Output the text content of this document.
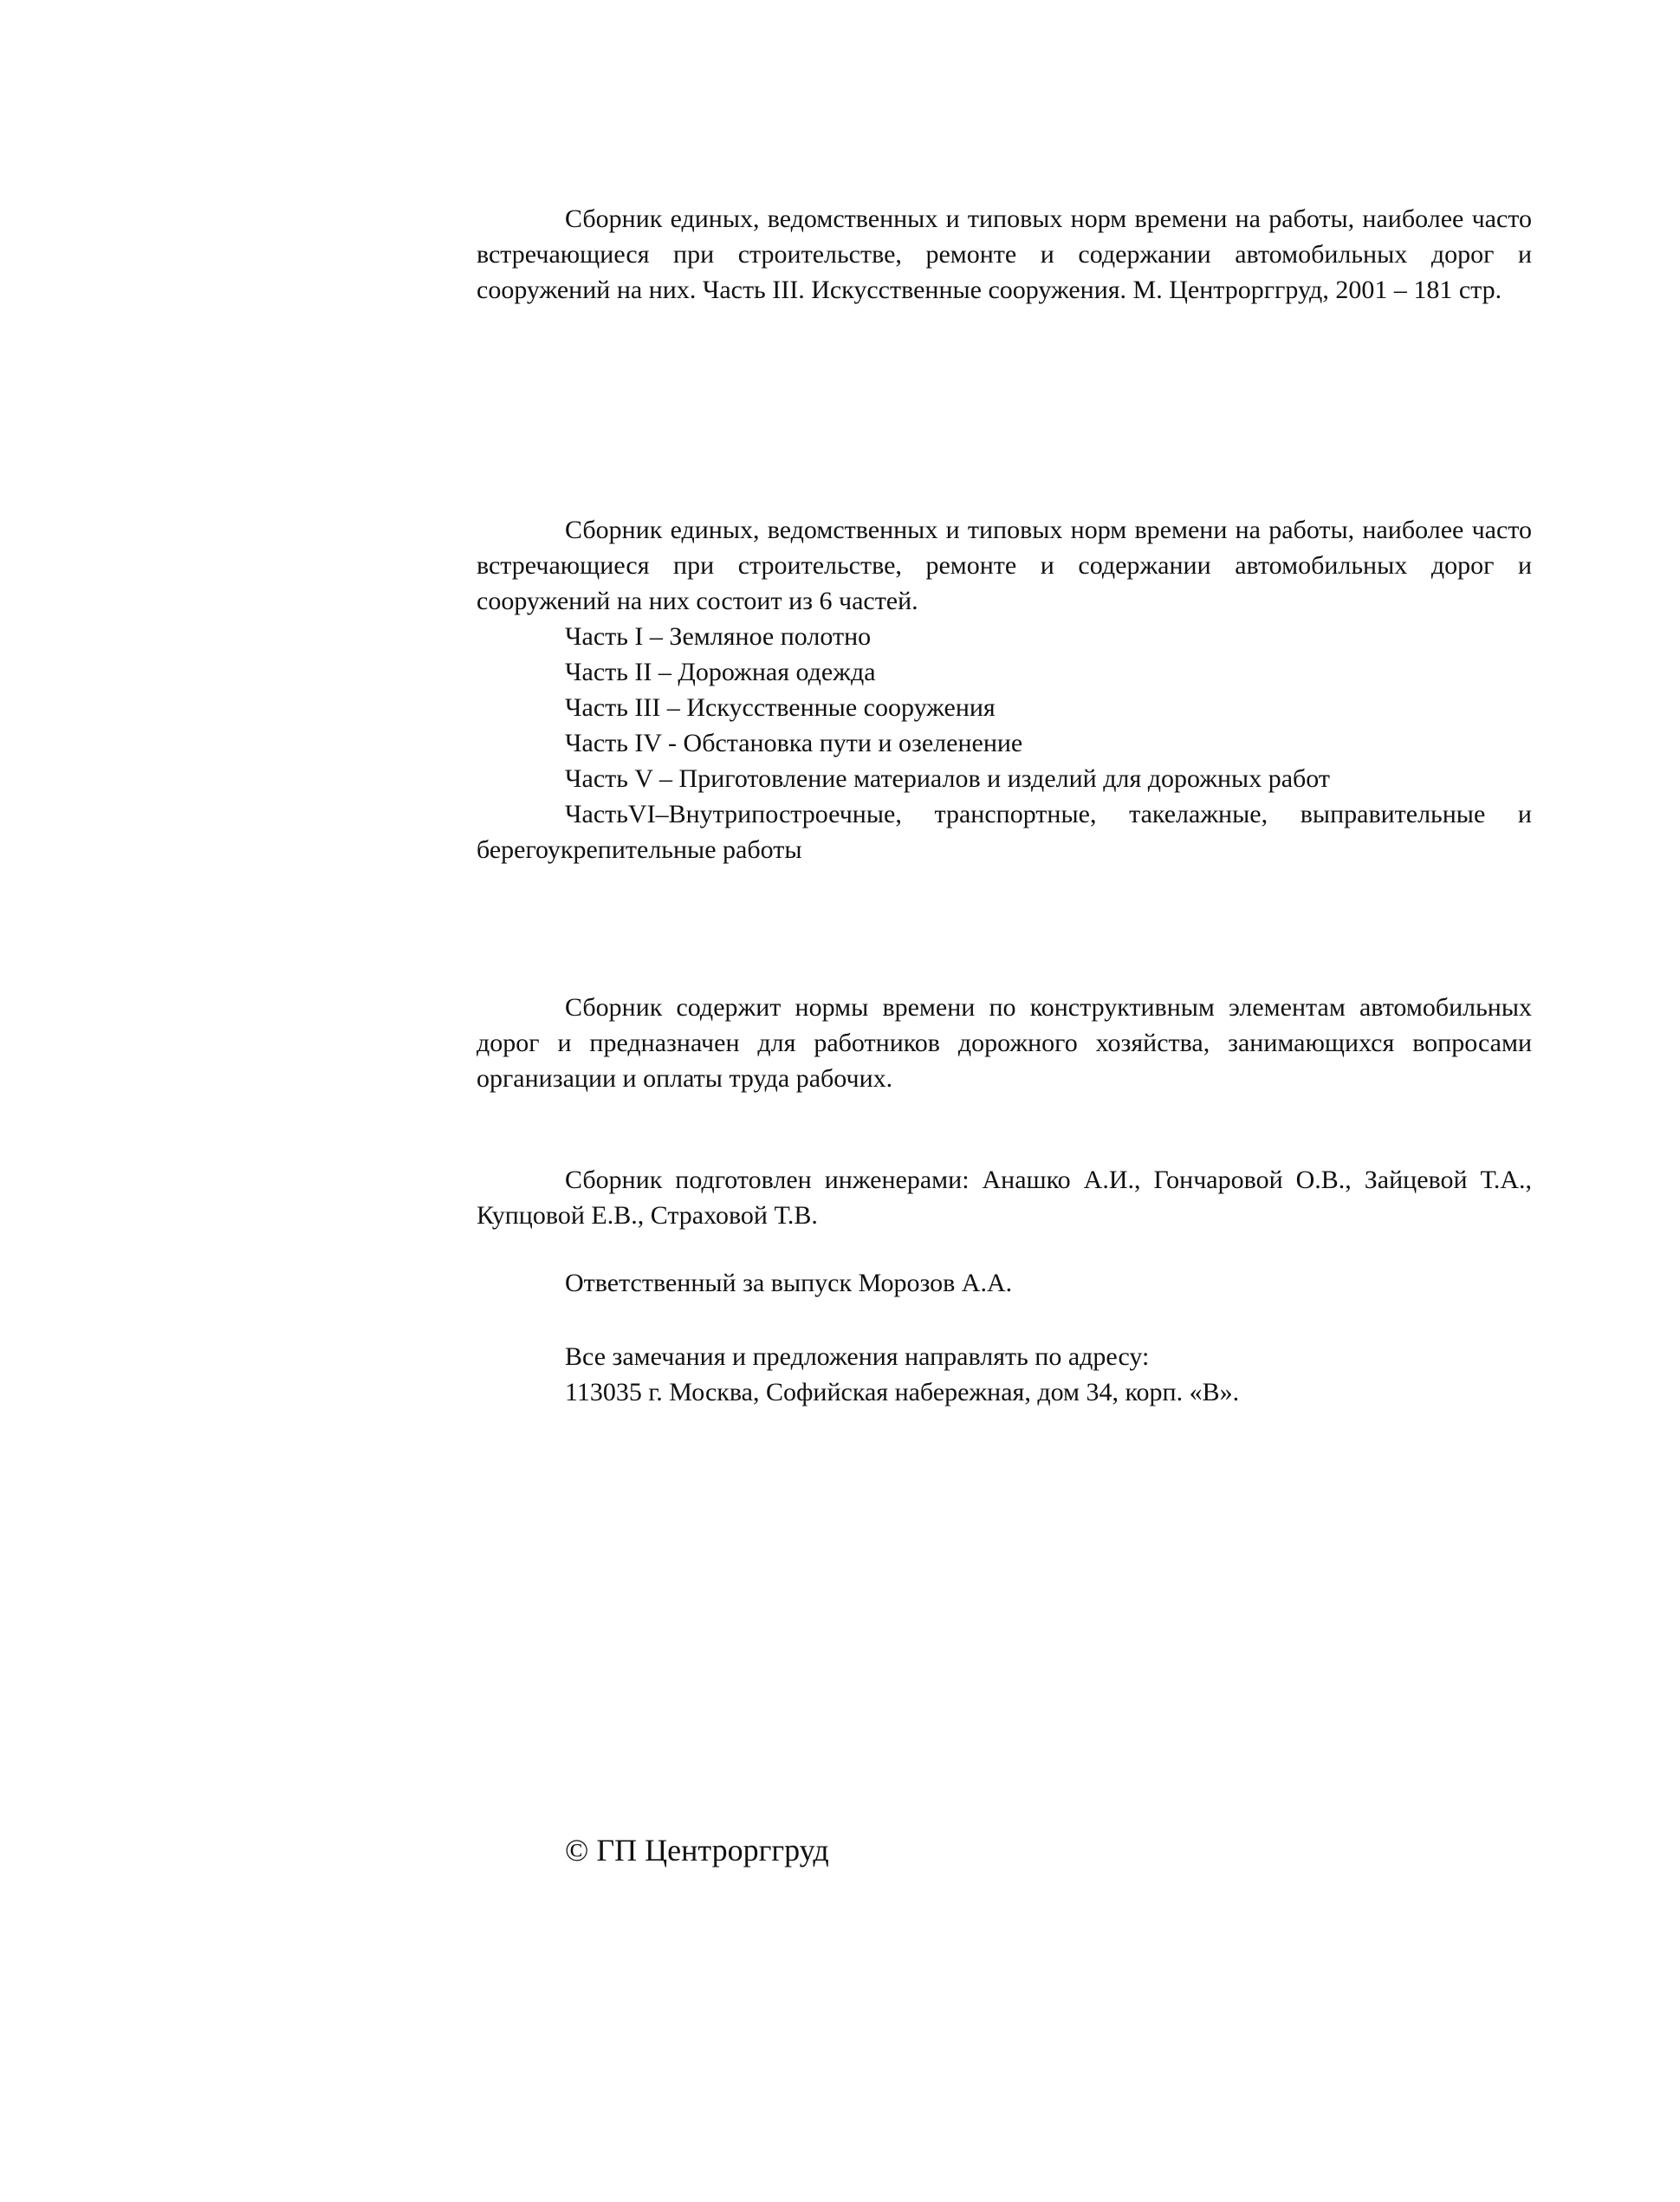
Сборник единых, ведомственных и типовых норм времени на работы, наиболее часто встречающиеся при строительстве, ремонте и содержании автомобильных дорог и сооружений на них. Часть III. Искусственные сооружения. М. Центрорггруд, 2001 – 181 стр.

Сборник единых, ведомственных и типовых норм времени на работы, наиболее часто встречающиеся при строительстве, ремонте и содержании автомобильных дорог и сооружений на них состоит из 6 частей.

Часть I – Земляное полотно

Часть II – Дорожная одежда

Часть III – Искусственные сооружения

Часть IV - Обстановка пути и озеленение

Часть V – Приготовление материалов и изделий для дорожных работ

ЧастьVI–Внутрипостроечные, транспортные, такелажные, выправительные и берегоукрепительные работы

Сборник содержит нормы времени по конструктивным элементам автомобильных дорог и предназначен для работников дорожного хозяйства, занимающихся вопросами организации и оплаты труда рабочих.

Сборник подготовлен инженерами: Анашко А.И., Гончаровой О.В., Зайцевой Т.А., Купцовой Е.В., Страховой Т.В.

Ответственный за выпуск Морозов А.А.

Все замечания и предложения направлять по адресу:

113035 г. Москва, Софийская набережная, дом 34, корп. «В».

© ГП Центрорггруд
